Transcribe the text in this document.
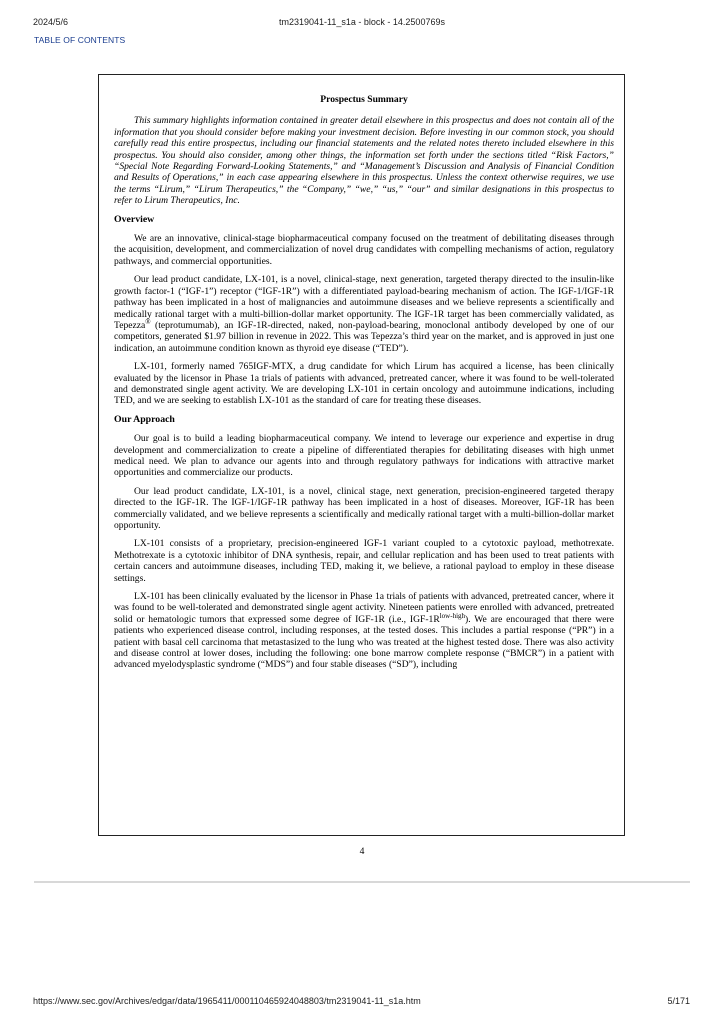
2024/5/6	tm2319041-11_s1a - block - 14.2500769s
TABLE OF CONTENTS

Prospectus Summary

This summary highlights information contained in greater detail elsewhere in this prospectus and does not contain all of the information that you should consider before making your investment decision. Before investing in our common stock, you should carefully read this entire prospectus, including our financial statements and the related notes thereto included elsewhere in this prospectus. You should also consider, among other things, the information set forth under the sections titled “Risk Factors,” “Special Note Regarding Forward-Looking Statements,” and “Management’s Discussion and Analysis of Financial Condition and Results of Operations,” in each case appearing elsewhere in this prospectus. Unless the context otherwise requires, we use the terms “Lirum,” “Lirum Therapeutics,” the “Company,” “we,” “us,” “our” and similar designations in this prospectus to refer to Lirum Therapeutics, Inc.

Overview

We are an innovative, clinical-stage biopharmaceutical company focused on the treatment of debilitating diseases through the acquisition, development, and commercialization of novel drug candidates with compelling mechanisms of action, regulatory pathways, and commercial opportunities.

Our lead product candidate, LX-101, is a novel, clinical-stage, next generation, targeted therapy directed to the insulin-like growth factor-1 (“IGF-1”) receptor (“IGF-1R”) with a differentiated payload-bearing mechanism of action. The IGF-1/IGF-1R pathway has been implicated in a host of malignancies and autoimmune diseases and we believe represents a scientifically and medically rational target with a multi-billion-dollar market opportunity. The IGF-1R target has been commercially validated, as Tepezza® (teprotumumab), an IGF-1R-directed, naked, non-payload-bearing, monoclonal antibody developed by one of our competitors, generated $1.97 billion in revenue in 2022. This was Tepezza’s third year on the market, and is approved in just one indication, an autoimmune condition known as thyroid eye disease (“TED”).

LX-101, formerly named 765IGF-MTX, a drug candidate for which Lirum has acquired a license, has been clinically evaluated by the licensor in Phase 1a trials of patients with advanced, pretreated cancer, where it was found to be well-tolerated and demonstrated single agent activity. We are developing LX-101 in certain oncology and autoimmune indications, including TED, and we are seeking to establish LX-101 as the standard of care for treating these diseases.

Our Approach

Our goal is to build a leading biopharmaceutical company. We intend to leverage our experience and expertise in drug development and commercialization to create a pipeline of differentiated therapies for debilitating diseases with high unmet medical need. We plan to advance our agents into and through regulatory pathways for indications with attractive market opportunities and commercialize our products.

Our lead product candidate, LX-101, is a novel, clinical stage, next generation, precision-engineered targeted therapy directed to the IGF-1R. The IGF-1/IGF-1R pathway has been implicated in a host of diseases. Moreover, IGF-1R has been commercially validated, and we believe represents a scientifically and medically rational target with a multi-billion-dollar market opportunity.

LX-101 consists of a proprietary, precision-engineered IGF-1 variant coupled to a cytotoxic payload, methotrexate. Methotrexate is a cytotoxic inhibitor of DNA synthesis, repair, and cellular replication and has been used to treat patients with certain cancers and autoimmune diseases, including TED, making it, we believe, a rational payload to employ in these disease settings.

LX-101 has been clinically evaluated by the licensor in Phase 1a trials of patients with advanced, pretreated cancer, where it was found to be well-tolerated and demonstrated single agent activity. Nineteen patients were enrolled with advanced, pretreated solid or hematologic tumors that expressed some degree of IGF-1R (i.e., IGF-$1R^{low-high}$). We are encouraged that there were patients who experienced disease control, including responses, at the tested doses. This includes a partial response (“PR”) in a patient with basal cell carcinoma that metastasized to the lung who was treated at the highest tested dose. There was also activity and disease control at lower doses, including the following: one bone marrow complete response (“BMCR”) in a patient with advanced myelodysplastic syndrome (“MDS”) and four stable diseases (“SD”), including

4
https://www.sec.gov/Archives/edgar/data/1965411/000110465924048803/tm2319041-11_s1a.htm	5/171
